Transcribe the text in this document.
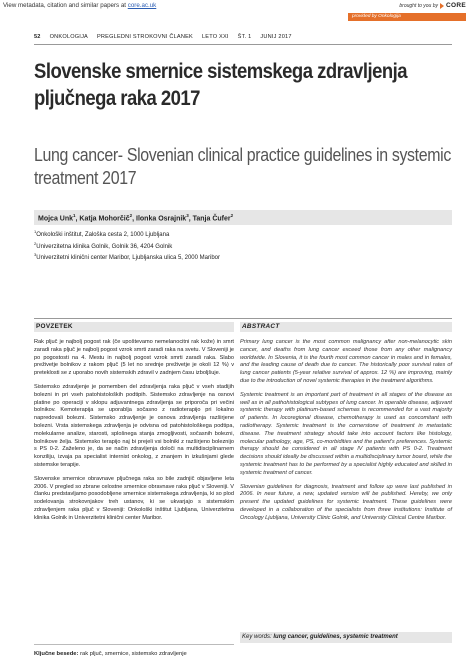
View metadata, citation and similar papers at core.ac.uk	brought to you by CORE
provided by Onkologija
52 ONKOLOGIJA PREGLEDNI STROKOVNI ČLANEK LETO XXI ŠT. 1 JUNIJ 2017
Slovenske smernice sistemskega zdravljenja pljučnega raka 2017
Lung cancer- Slovenian clinical practice guidelines in systemic treatment 2017
Mojca Unk$^1$, Katja Mohorčič$^2$, Ilonka Osrajnik$^3$, Tanja Čufer$^2$
$^1$Onkološki inštitut, Zaloška cesta 2, 1000 Ljubljana
$^2$Univerzitetna klinika Golnik, Golnik 36, 4204 Golnik
$^3$Univerzitetni klinični center Maribor, Ljubljanska ulica 5, 2000 Maribor
POVZETEK

Rak pljuč je najbolj pogost rak (če upoštevamo nemelanocitni rak kože) in smrt zaradi raka pljuč je najbolj pogost vzrok smrti zaradi raka na svetu. V Sloveniji je po pogostosti na 4. Mestu in najbolj pogost vzrok smrti zaradi raka. Slabo preživetje bolnikov z rakom pljuč (5 let no srednje preživetje je okoli 12 %) v preteklosti se z uporabo novih sistemskih zdravil v zadnjem času izboljšuje.

Sistemsko zdravljenje je pomemben del zdravljenja raka pljuč v vseh stadijih bolezni in pri vseh patohistoloških podtipih. Sistemsko zdravljenje na osnovi platine po operaciji v sklopu adjuvantnega zdravljenja se priporoča pri večini bolnikov. Kemoterapija se uporablja sočasno z radioterapijo pri lokalno napredovali bolezni. Sistemsko zdravljenje je osnova zdravljenja razširjene bolezni. Vrsta sistemskega zdravljenja je odvisna od patohistološkega podtipa, molekularne analize, starosti, splošnega stanja zmogljivosti, sočasnih bolezni, bolnikove želja. Sistemsko terapijo naj bi prejeli vsi bolniki z razširjeno boleznijo s PS 0-2. Zaželeno je, da se način zdravljenja določi na multidisciplinarnem konziliju, izvaja pa specialist internist onkolog, z znanjem in izkušnjami glede sistemske terapije.

Slovenske smernice obravnave pljučnega raka so bile zadnjič objavljene leta 2006. V pregled so zbrane celostne smernice obravnave raka pljuč v Sloveniji. V članku predstavljamo posodobljene smernice sistemskega zdravljenja, ki so plod sodelovanja strokovnjakov treh ustanov, ki se ukvarjajo s sistemskim zdravljenjem raka pljuč v Sloveniji: Onkološki inštitut Ljubljana, Univerzitetna klinika Golnik in Univerzitetni klinični center Maribor.

ABSTRACT

Primary lung cancer is the most common malignancy after non-melanocytic skin cancer, and deaths from lung cancer exceed those from any other malignancy worldwide. In Slovenia, it is the fourth most common cancer in males and in females, and the leading cause of death due to cancer. The historically poor survival rates of lung cancer patients (5-year relative survival of approx. 12 %) are improving, mainly due to the introduction of novel systemic therapies in the treatment algorithms.

Systemic treatment is an important part of treatment in all stages of the disease as well as in all pathohistological subtypes of lung cancer. In operable disease, adjuvant systemic therapy with platinum-based schemas is recommended for a vast majority of patients. In locoregional disease, chemotherapy is used as concomitant with radiotherapy. Systemic treatment is the cornerstone of treatment in metastatic disease. The treatment strategy should take into account factors like histology, molecular pathology, age, PS, co-morbidities and the patient's preferences. Systemic therapy should be considered in all stage IV patients with PS 0-2. Treatment decisions should ideally be discussed within a multidisciplinary tumor board, while the systemic treatment has to be performed by a specialist highly educated and skilled in systemic treatment of cancer.

Slovenian guidelines for diagnosis, treatment and follow up were last published in 2006. In near future, a new, updated version will be published. Hereby, we only present the updated guidelines for systemic treatment. These guidelines were developed in a collaboration of the specialists from three institutions: Institute of Oncology Ljubljana, University Clinic Golnik, and University Clinical Centre Maribor.

Ključne besede: rak pljuč, smernice, sistemsko zdravljenje
Key words: lung cancer, guidelines, systemic treatment
